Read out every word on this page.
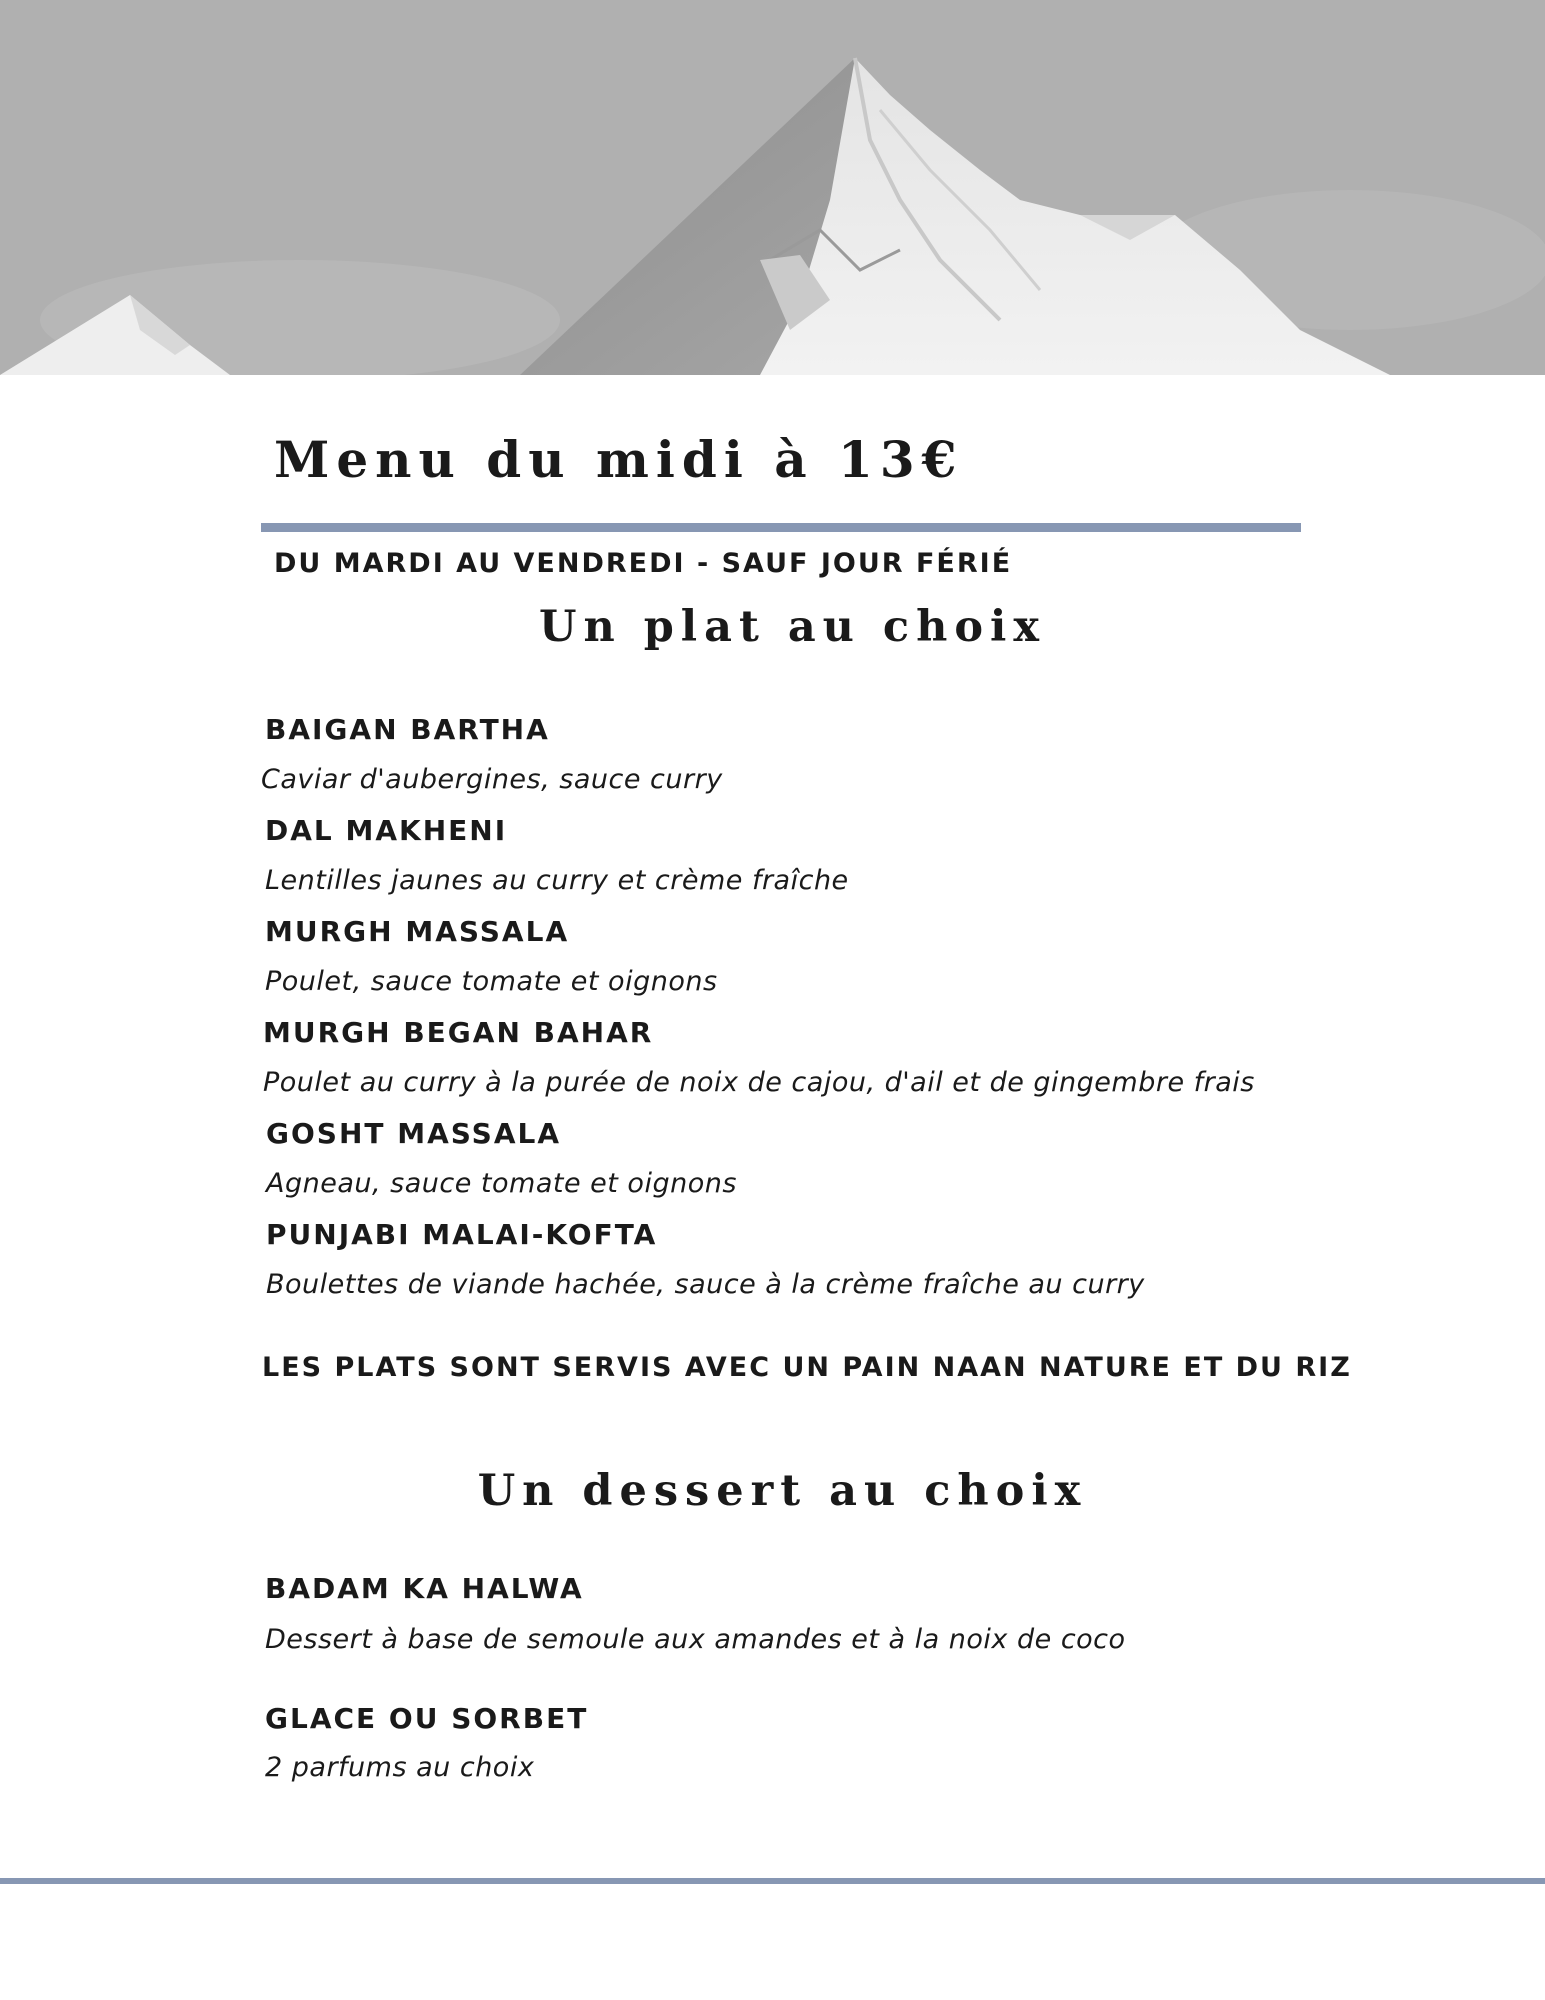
Menu du midi à 13€
DU MARDI AU VENDREDI - SAUF JOUR FÉRIÉ
Un plat au choix
BAIGAN BARTHA
Caviar d'aubergines, sauce curry
DAL MAKHENI
Lentilles jaunes au curry et crème fraîche
MURGH MASSALA
Poulet, sauce tomate et oignons
MURGH BEGAN BAHAR
Poulet au curry à la purée de noix de cajou, d'ail et de gingembre frais
GOSHT MASSALA
Agneau, sauce tomate et oignons
PUNJABI MALAI-KOFTA
Boulettes de viande hachée, sauce à la crème fraîche au curry
LES PLATS SONT SERVIS AVEC UN PAIN NAAN NATURE ET DU RIZ
Un dessert au choix
BADAM KA HALWA
Dessert à base de semoule aux amandes et à la noix de coco
GLACE OU SORBET
2 parfums au choix
